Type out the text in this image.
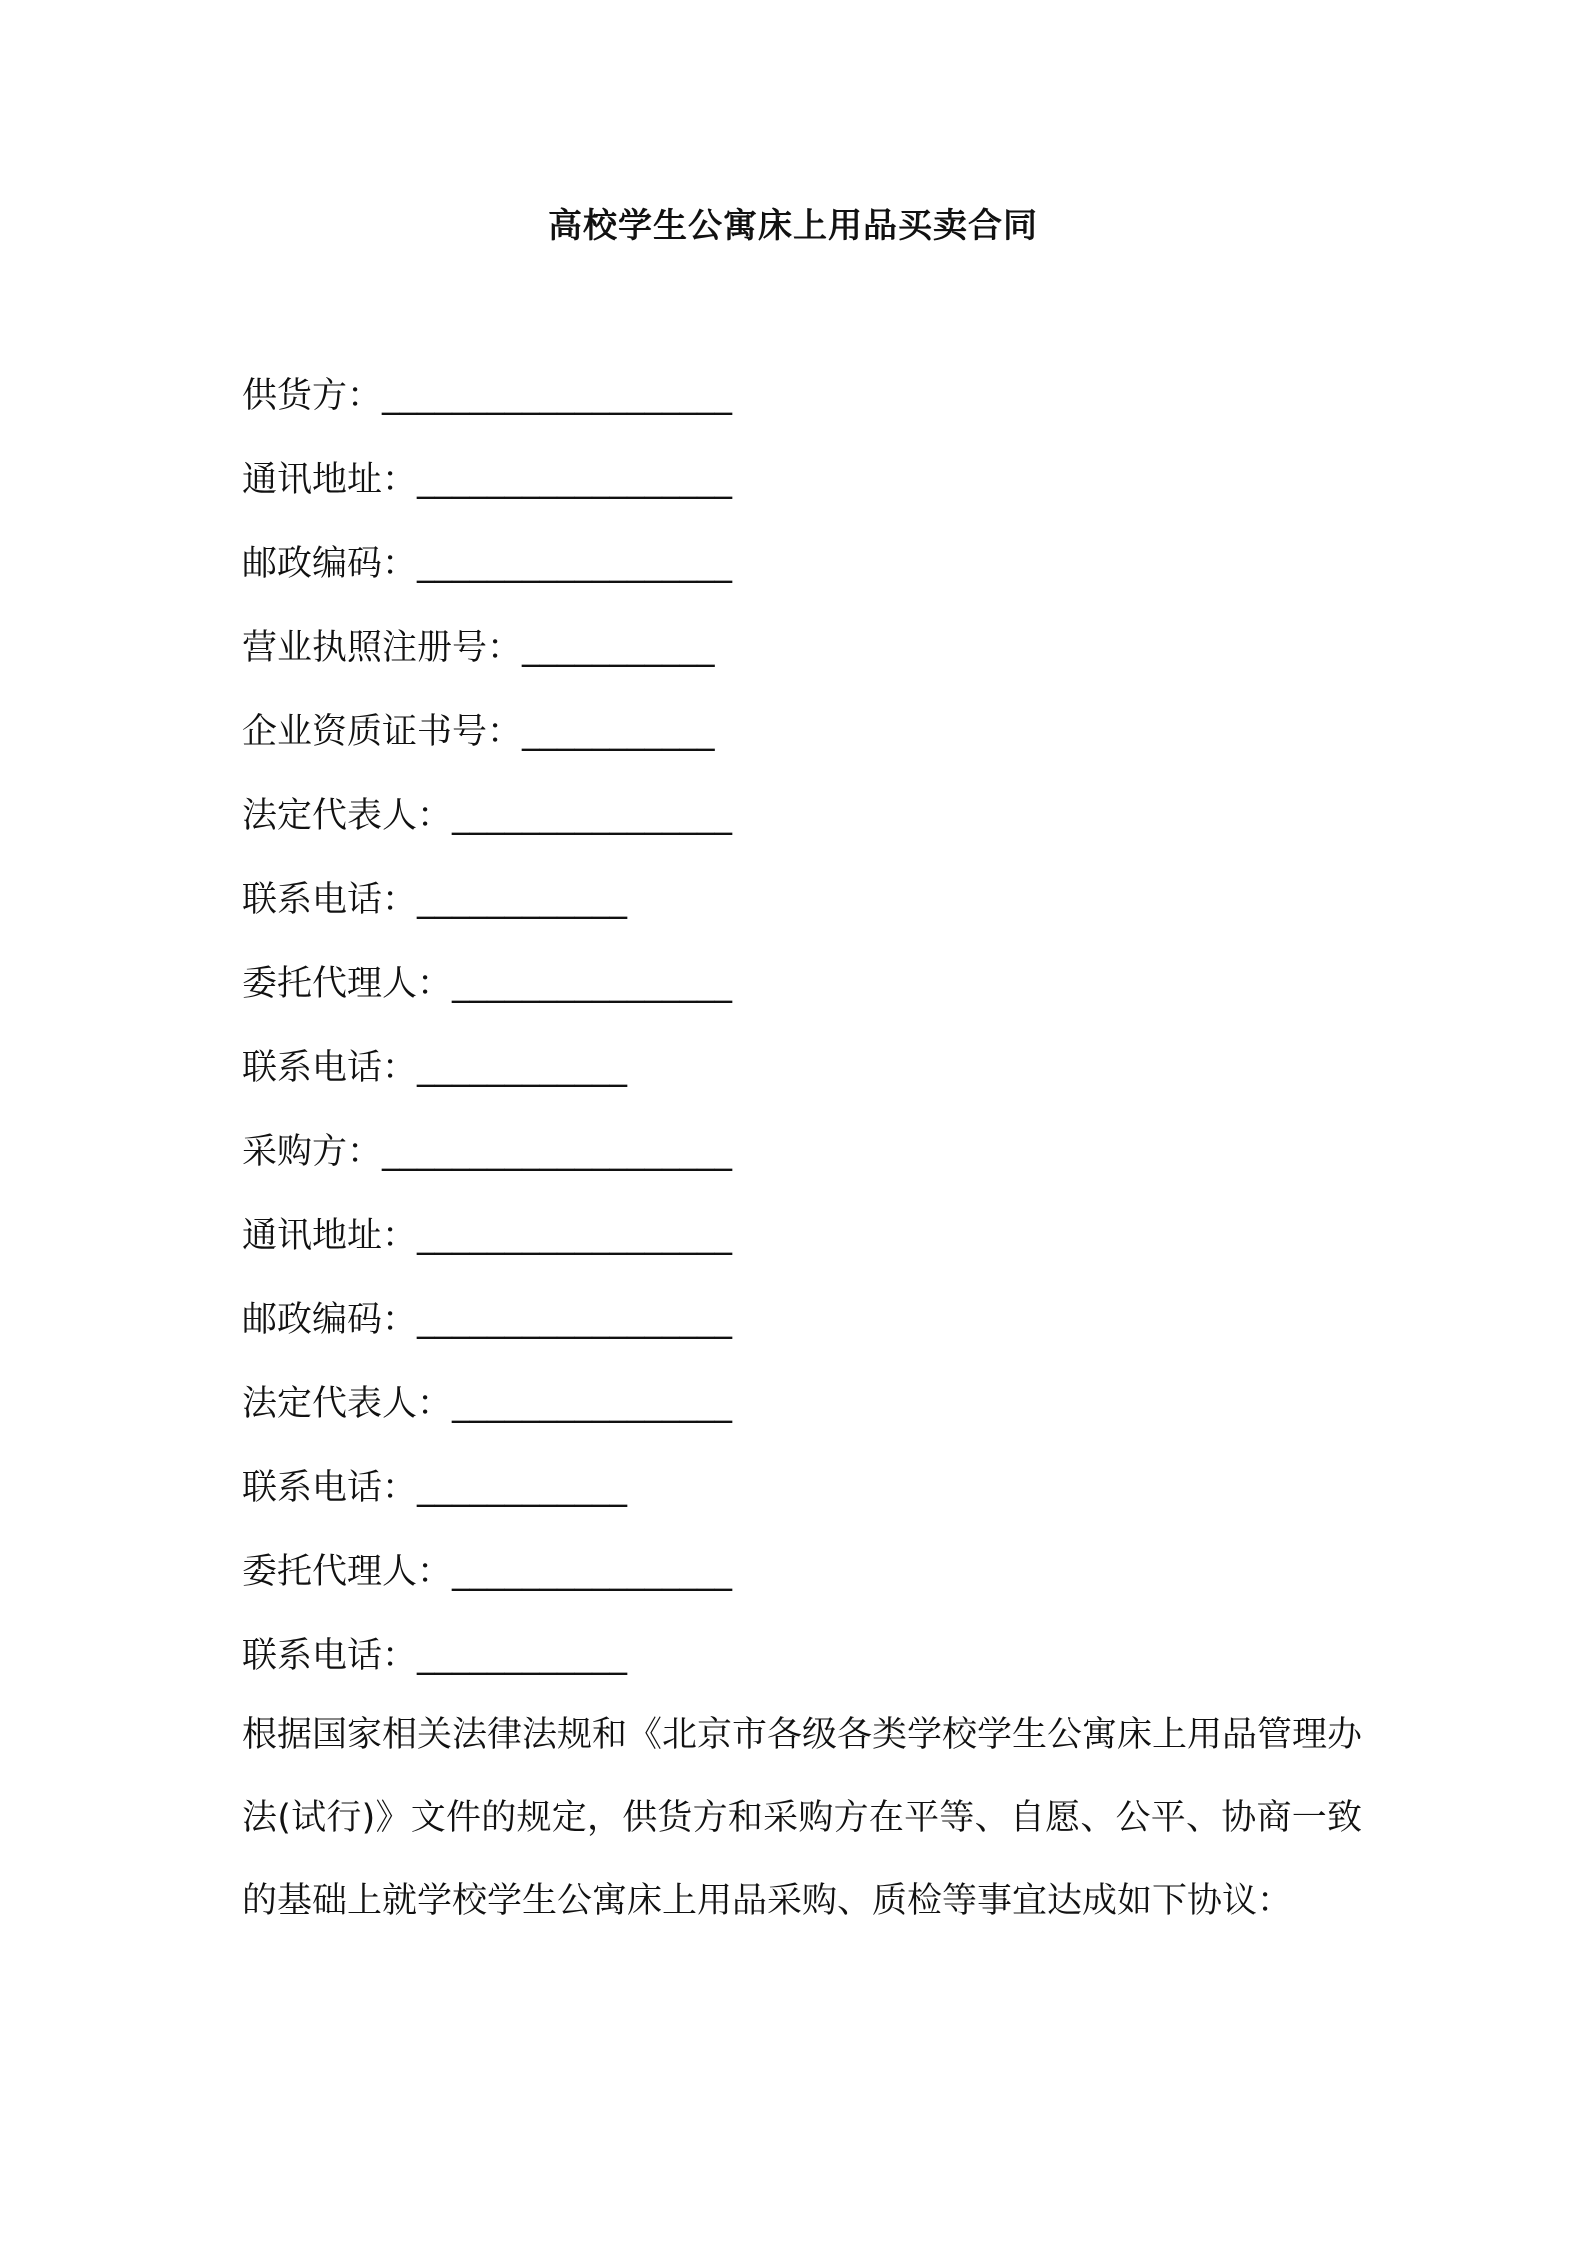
高校学生公寓床上用品买卖合同
供货方：____________________
通讯地址：__________________
邮政编码：__________________
营业执照注册号：___________
企业资质证书号：___________
法定代表人：________________
联系电话：____________
委托代理人：________________
联系电话：____________
采购方：____________________
通讯地址：__________________
邮政编码：__________________
法定代表人：________________
联系电话：____________
委托代理人：________________
联系电话：____________
根据国家相关法律法规和《北京市各级各类学校学生公寓床上用品管理办法(试行)》文件的规定，供货方和采购方在平等、自愿、公平、协商一致的基础上就学校学生公寓床上用品采购、质检等事宜达成如下协议：
